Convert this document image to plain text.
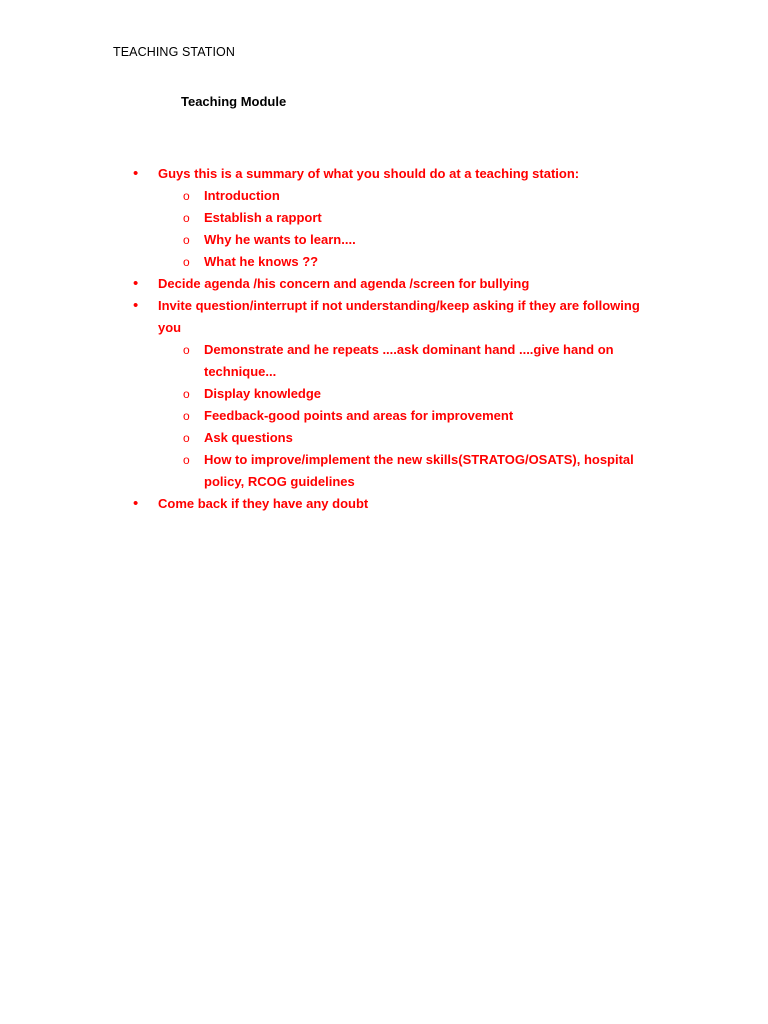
TEACHING STATION
Teaching Module
• Guys this is a summary of what you should do at a teaching station:
o Introduction
o Establish a rapport
o Why he wants to learn....
o What he knows ??
• Decide agenda /his concern and agenda /screen for bullying
• Invite question/interrupt if not understanding/keep asking if they are following you
o Demonstrate and he repeats ....ask dominant hand ....give hand on technique...
o Display knowledge
o Feedback-good points and areas for improvement
o Ask questions
o How to improve/implement the new skills(STRATOG/OSATS), hospital policy, RCOG guidelines
• Come back if they have any doubt
